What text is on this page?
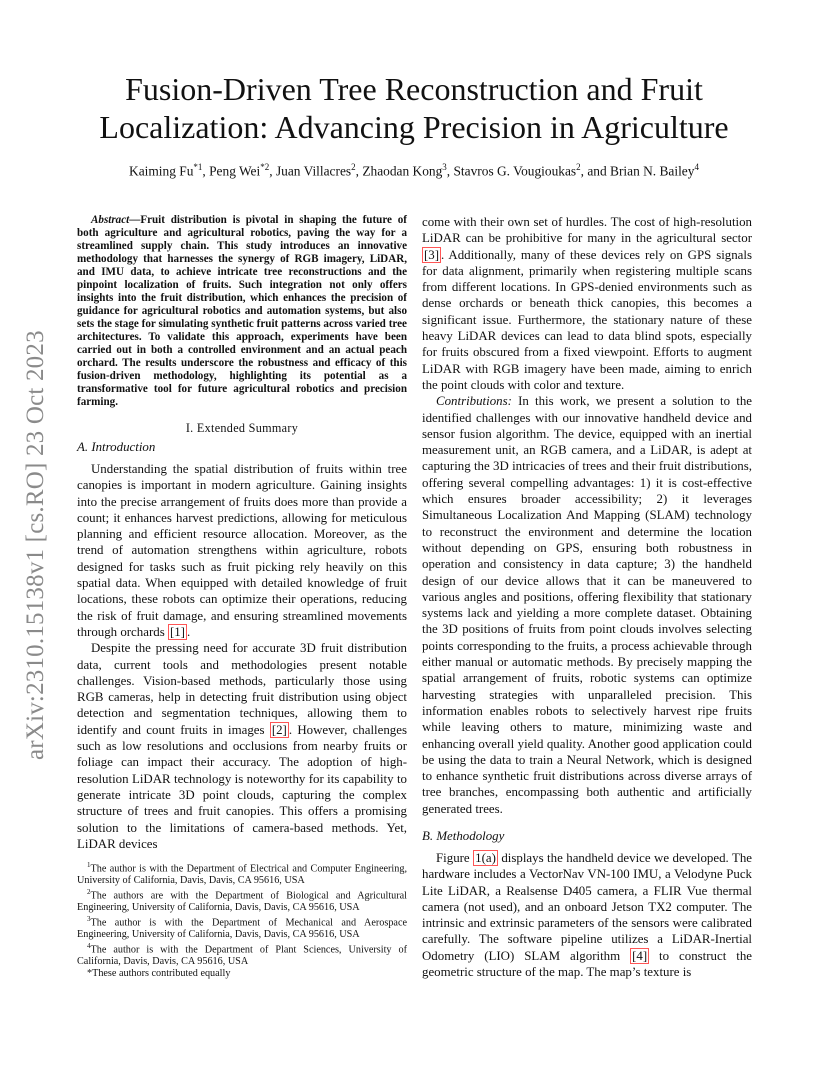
arXiv:2310.15138v1 [cs.RO] 23 Oct 2023
Fusion-Driven Tree Reconstruction and Fruit
Localization: Advancing Precision in Agriculture
Kaiming Fu$^{*1}$, Peng Wei$^{*2}$, Juan Villacres$^2$, Zhaodan Kong$^3$, Stavros G. Vougioukas$^2$, and Brian N. Bailey$^4$

Abstract—Fruit distribution is pivotal in shaping the future of both agriculture and agricultural robotics, paving the way for a streamlined supply chain. This study introduces an innovative methodology that harnesses the synergy of RGB imagery, LiDAR, and IMU data, to achieve intricate tree reconstructions and the pinpoint localization of fruits. Such integration not only offers insights into the fruit distribution, which enhances the precision of guidance for agricultural robotics and automation systems, but also sets the stage for simulating synthetic fruit patterns across varied tree architectures. To validate this approach, experiments have been carried out in both a controlled environment and an actual peach orchard. The results underscore the robustness and efficacy of this fusion-driven methodology, highlighting its potential as a transformative tool for future agricultural robotics and precision farming.

I. Extended Summary
A. Introduction

Understanding the spatial distribution of fruits within tree canopies is important in modern agriculture. Gaining insights into the precise arrangement of fruits does more than provide a count; it enhances harvest predictions, allowing for meticulous planning and efficient resource allocation. Moreover, as the trend of automation strengthens within agriculture, robots designed for tasks such as fruit picking rely heavily on this spatial data. When equipped with detailed knowledge of fruit locations, these robots can optimize their operations, reducing the risk of fruit damage, and ensuring streamlined movements through orchards [1] .

Despite the pressing need for accurate 3D fruit distribution data, current tools and methodologies present notable challenges. Vision-based methods, particularly those using RGB cameras, help in detecting fruit distribution using object detection and segmentation techniques, allowing them to identify and count fruits in images [2] . However, challenges such as low resolutions and occlusions from nearby fruits or foliage can impact their accuracy. The adoption of high-resolution LiDAR technology is noteworthy for its capability to generate intricate 3D point clouds, capturing the complex structure of trees and fruit canopies. This offers a promising solution to the limitations of camera-based methods. Yet, LiDAR devices

$^1$The author is with the Department of Electrical and Computer Engineering, University of California, Davis, Davis, CA 95616, USA

$^2$The authors are with the Department of Biological and Agricultural Engineering, University of California, Davis, Davis, CA 95616, USA

$^3$The author is with the Department of Mechanical and Aerospace Engineering, University of California, Davis, Davis, CA 95616, USA

$^4$The author is with the Department of Plant Sciences, University of California, Davis, Davis, CA 95616, USA

*These authors contributed equally

come with their own set of hurdles. The cost of high-resolution LiDAR can be prohibitive for many in the agricultural sector [3] . Additionally, many of these devices rely on GPS signals for data alignment, primarily when registering multiple scans from different locations. In GPS-denied environments such as dense orchards or beneath thick canopies, this becomes a significant issue. Furthermore, the stationary nature of these heavy LiDAR devices can lead to data blind spots, especially for fruits obscured from a fixed viewpoint. Efforts to augment LiDAR with RGB imagery have been made, aiming to enrich the point clouds with color and texture.

Contributions: In this work, we present a solution to the identified challenges with our innovative handheld device and sensor fusion algorithm. The device, equipped with an inertial measurement unit, an RGB camera, and a LiDAR, is adept at capturing the 3D intricacies of trees and their fruit distributions, offering several compelling advantages: 1) it is cost-effective which ensures broader accessibility; 2) it leverages Simultaneous Localization And Mapping (SLAM) technology to reconstruct the environment and determine the location without depending on GPS, ensuring both robustness in operation and consistency in data capture; 3) the handheld design of our device allows that it can be maneuvered to various angles and positions, offering flexibility that stationary systems lack and yielding a more complete dataset. Obtaining the 3D positions of fruits from point clouds involves selecting points corresponding to the fruits, a process achievable through either manual or automatic methods. By precisely mapping the spatial arrangement of fruits, robotic systems can optimize harvesting strategies with unparalleled precision. This information enables robots to selectively harvest ripe fruits while leaving others to mature, minimizing waste and enhancing overall yield quality. Another good application could be using the data to train a Neural Network, which is designed to enhance synthetic fruit distributions across diverse arrays of tree branches, encompassing both authentic and artificially generated trees.

B. Methodology

Figure 1(a) displays the handheld device we developed. The hardware includes a VectorNav VN-100 IMU, a Velodyne Puck Lite LiDAR, a Realsense D405 camera, a FLIR Vue thermal camera (not used), and an onboard Jetson TX2 computer. The intrinsic and extrinsic parameters of the sensors were calibrated carefully. The software pipeline utilizes a LiDAR-Inertial Odometry (LIO) SLAM algorithm [4] to construct the geometric structure of the map. The map’s texture is
